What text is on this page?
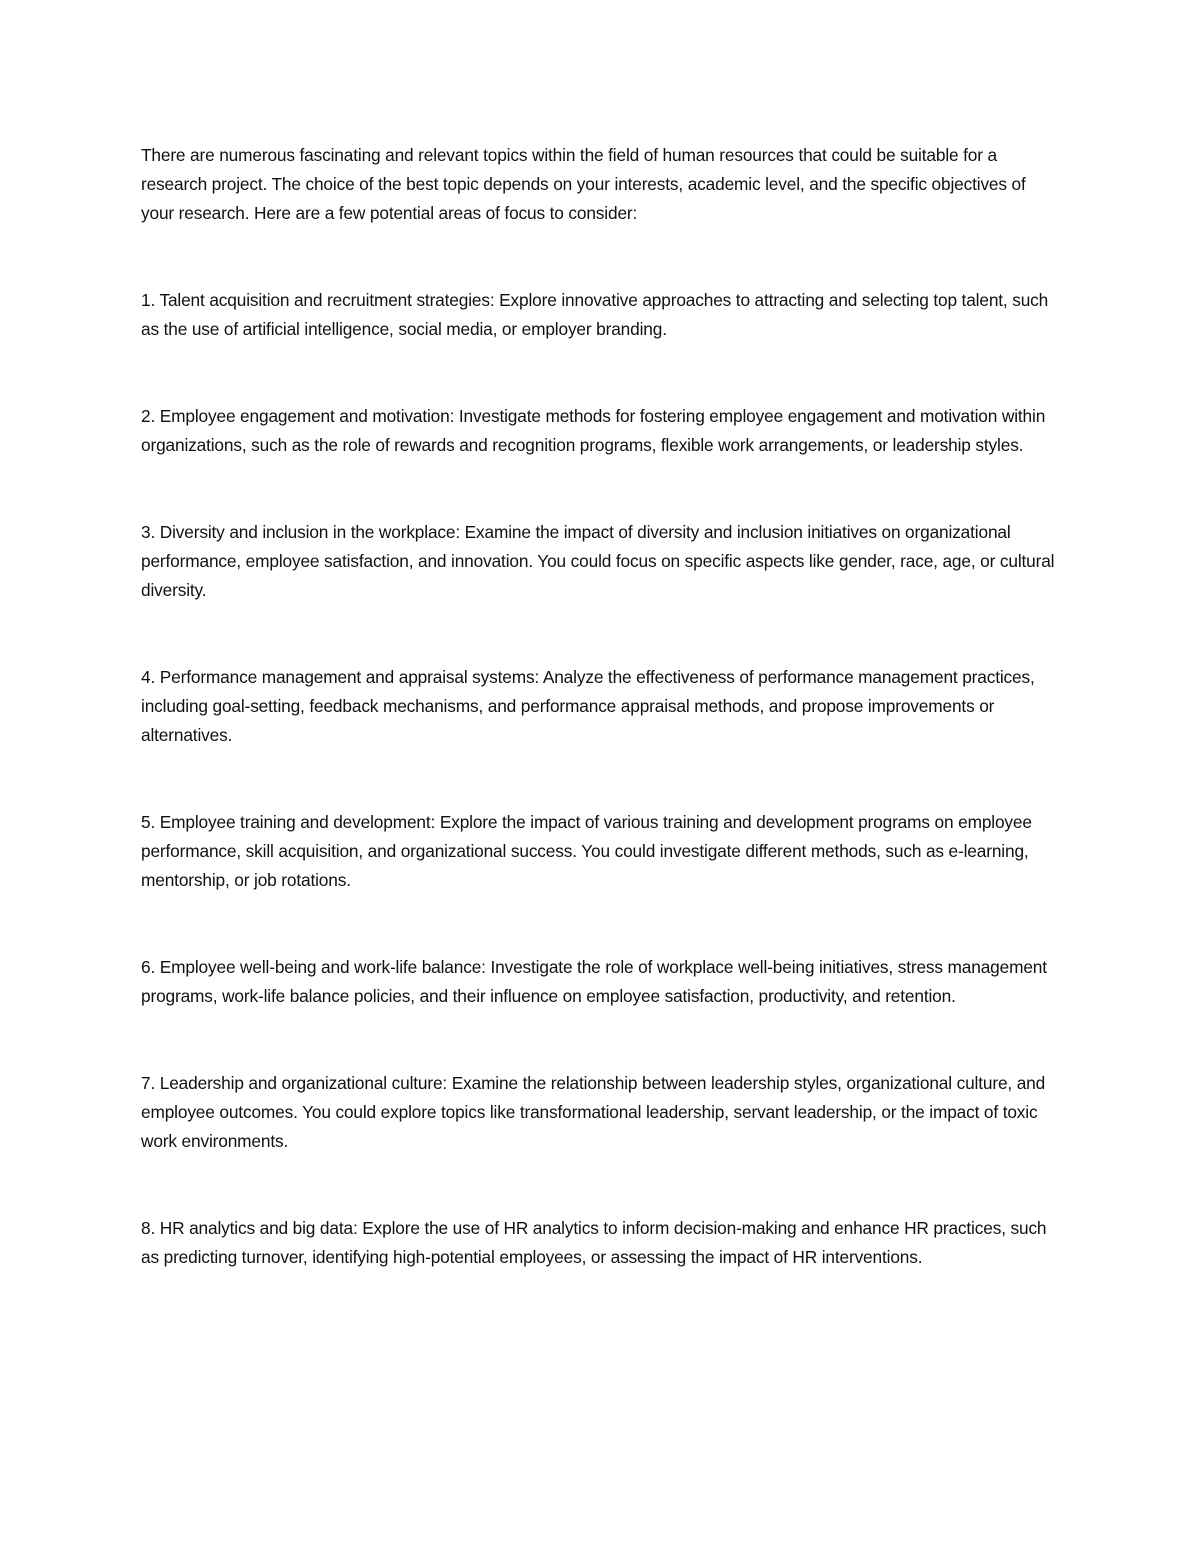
There are numerous fascinating and relevant topics within the field of human resources that could be suitable for a research project. The choice of the best topic depends on your interests, academic level, and the specific objectives of your research. Here are a few potential areas of focus to consider:

1. Talent acquisition and recruitment strategies: Explore innovative approaches to attracting and selecting top talent, such as the use of artificial intelligence, social media, or employer branding.

2. Employee engagement and motivation: Investigate methods for fostering employee engagement and motivation within organizations, such as the role of rewards and recognition programs, flexible work arrangements, or leadership styles.

3. Diversity and inclusion in the workplace: Examine the impact of diversity and inclusion initiatives on organizational performance, employee satisfaction, and innovation. You could focus on specific aspects like gender, race, age, or cultural diversity.

4. Performance management and appraisal systems: Analyze the effectiveness of performance management practices, including goal-setting, feedback mechanisms, and performance appraisal methods, and propose improvements or alternatives.

5. Employee training and development: Explore the impact of various training and development programs on employee performance, skill acquisition, and organizational success. You could investigate different methods, such as e-learning, mentorship, or job rotations.

6. Employee well-being and work-life balance: Investigate the role of workplace well-being initiatives, stress management programs, work-life balance policies, and their influence on employee satisfaction, productivity, and retention.

7. Leadership and organizational culture: Examine the relationship between leadership styles, organizational culture, and employee outcomes. You could explore topics like transformational leadership, servant leadership, or the impact of toxic work environments.

8. HR analytics and big data: Explore the use of HR analytics to inform decision-making and enhance HR practices, such as predicting turnover, identifying high-potential employees, or assessing the impact of HR interventions.
